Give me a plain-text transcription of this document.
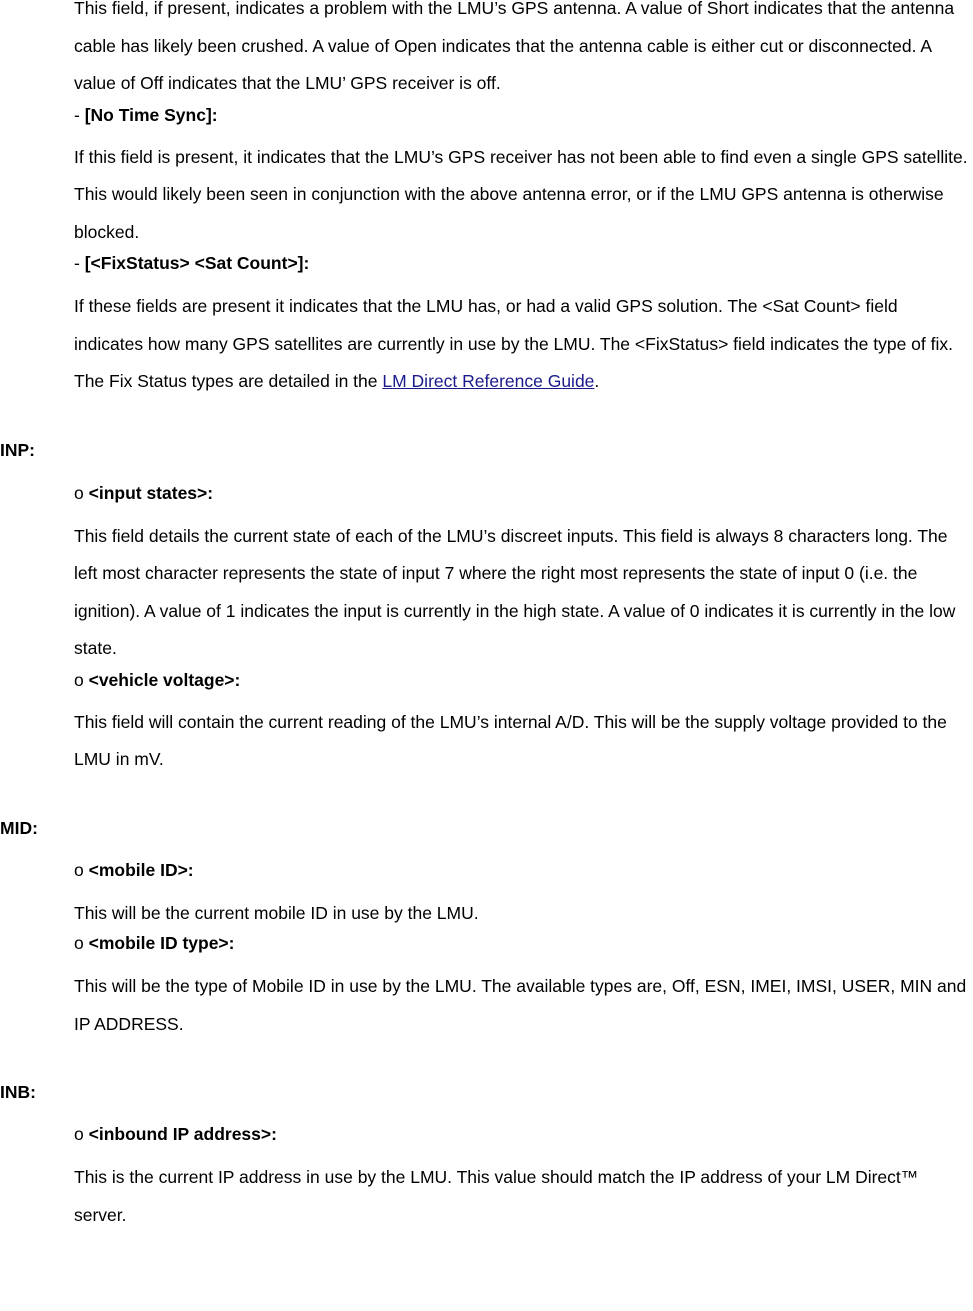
This field, if present, indicates a problem with the LMU’s GPS antenna. A value of Short indicates that the antenna cable has likely been crushed. A value of Open indicates that the antenna cable is either cut or disconnected. A value of Off indicates that the LMU’ GPS receiver is off.

- [No Time Sync]:

If this field is present, it indicates that the LMU’s GPS receiver has not been able to find even a single GPS satellite. This would likely been seen in conjunction with the above antenna error, or if the LMU GPS antenna is otherwise blocked.

- [<FixStatus> <Sat Count>]:

If these fields are present it indicates that the LMU has, or had a valid GPS solution. The <Sat Count> field indicates how many GPS satellites are currently in use by the LMU. The <FixStatus> field indicates the type of fix. The Fix Status types are detailed in the LM Direct Reference Guide.

INP:

o <input states>:

This field details the current state of each of the LMU’s discreet inputs. This field is always 8 characters long. The left most character represents the state of input 7 where the right most represents the state of input 0 (i.e. the ignition). A value of 1 indicates the input is currently in the high state. A value of 0 indicates it is currently in the low state.

o <vehicle voltage>:

This field will contain the current reading of the LMU’s internal A/D. This will be the supply voltage provided to the LMU in mV.

MID:

o <mobile ID>:

This will be the current mobile ID in use by the LMU.

o <mobile ID type>:

This will be the type of Mobile ID in use by the LMU. The available types are, Off, ESN, IMEI, IMSI, USER, MIN and IP ADDRESS.

INB:

o <inbound IP address>:

This is the current IP address in use by the LMU. This value should match the IP address of your LM Direct™ server.
